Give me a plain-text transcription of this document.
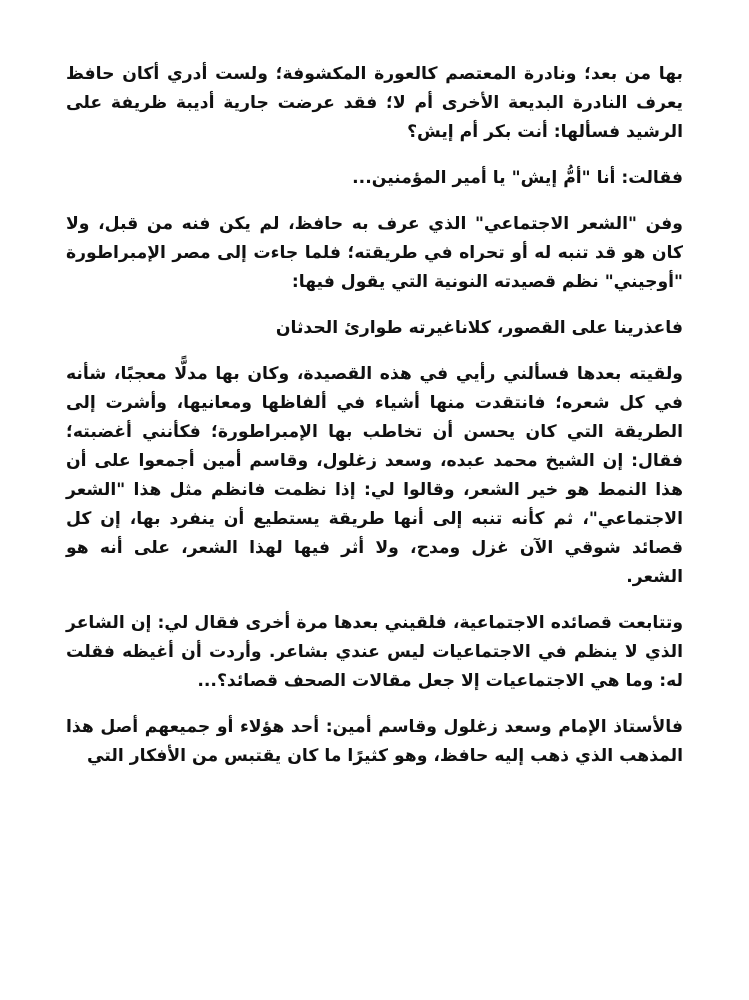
بها من بعد؛ ونادرة المعتصم كالعورة المكشوفة؛ ولست أدري أكان حافظ يعرف النادرة البديعة الأخرى أم لا؛ فقد عرضت جارية أديبة ظريفة على الرشيد فسألها: أنت بكر أم إيش؟

فقالت: أنا "أمُّ إيش" يا أمير المؤمنين...

وفن "الشعر الاجتماعي" الذي عرف به حافظ، لم يكن فنه من قبل، ولا كان هو قد تنبه له أو تحراه في طريقته؛ فلما جاءت إلى مصر الإمبراطورة "أوجيني" نظم قصيدته النونية التي يقول فيها:

فاعذرينا على القصور، كلاناغيرته طوارئ الحدثان

ولقيته بعدها فسألني رأيي في هذه القصيدة، وكان بها مدلًّا معجبًا، شأنه في كل شعره؛ فانتقدت منها أشياء في ألفاظها ومعانيها، وأشرت إلى الطريقة التي كان يحسن أن تخاطب بها الإمبراطورة؛ فكأنني أغضبته؛ فقال: إن الشيخ محمد عبده، وسعد زغلول، وقاسم أمين أجمعوا على أن هذا النمط هو خير الشعر، وقالوا لي: إذا نظمت فانظم مثل هذا "الشعر الاجتماعي"، ثم كأنه تنبه إلى أنها طريقة يستطيع أن ينفرد بها، إن كل قصائد شوقي الآن غزل ومدح، ولا أثر فيها لهذا الشعر، على أنه هو الشعر.

وتتابعت قصائده الاجتماعية، فلقيني بعدها مرة أخرى فقال لي: إن الشاعر الذي لا ينظم في الاجتماعيات ليس عندي بشاعر. وأردت أن أغيظه فقلت له: وما هي الاجتماعيات إلا جعل مقالات الصحف قصائد؟...

فالأستاذ الإمام وسعد زغلول وقاسم أمين: أحد هؤلاء أو جميعهم أصل هذا المذهب الذي ذهب إليه حافظ، وهو كثيرًا ما كان يقتبس من الأفكار التي
